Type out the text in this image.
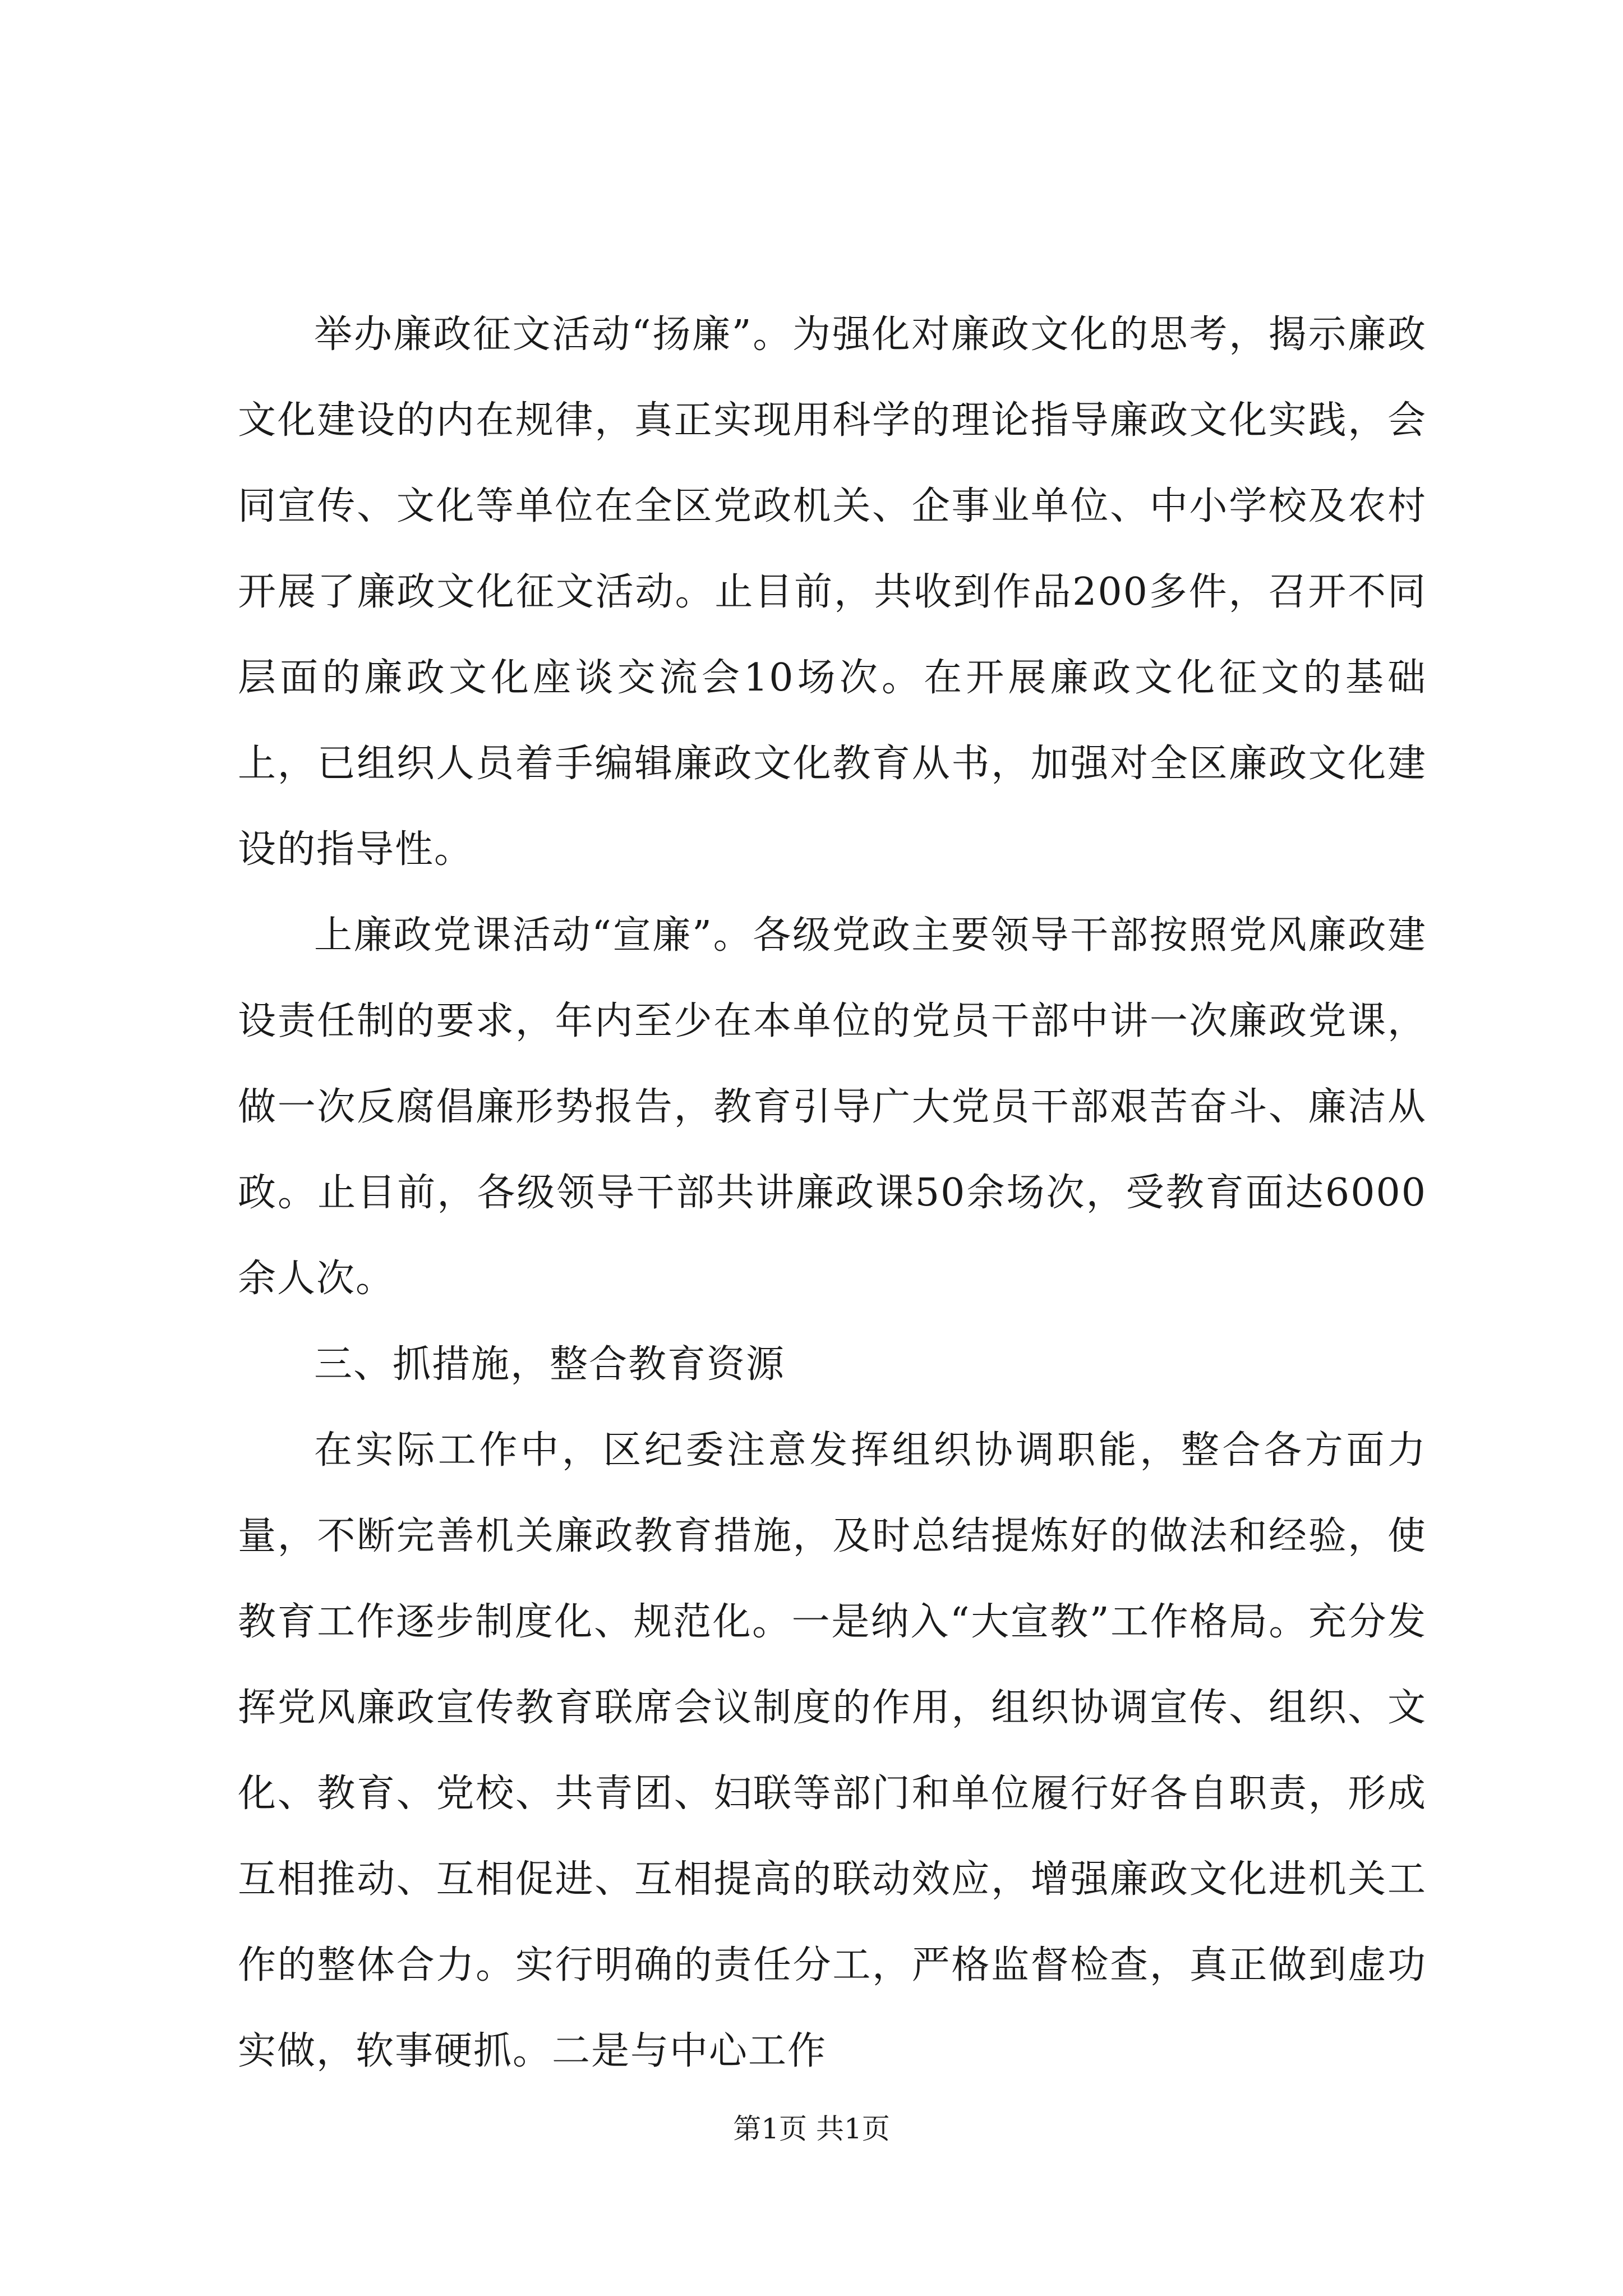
举办廉政征文活动“扬廉”。为强化对廉政文化的思考，揭示廉政文化建设的内在规律，真正实现用科学的理论指导廉政文化实践，会同宣传、文化等单位在全区党政机关、企事业单位、中小学校及农村开展了廉政文化征文活动。止目前，共收到作品200多件，召开不同层面的廉政文化座谈交流会10场次。在开展廉政文化征文的基础上，已组织人员着手编辑廉政文化教育从书，加强对全区廉政文化建设的指导性。

上廉政党课活动“宣廉”。各级党政主要领导干部按照党风廉政建设责任制的要求，年内至少在本单位的党员干部中讲一次廉政党课，做一次反腐倡廉形势报告，教育引导广大党员干部艰苦奋斗、廉洁从政。止目前，各级领导干部共讲廉政课50余场次，受教育面达6000余人次。

三、抓措施，整合教育资源

在实际工作中，区纪委注意发挥组织协调职能，整合各方面力量，不断完善机关廉政教育措施，及时总结提炼好的做法和经验，使教育工作逐步制度化、规范化。一是纳入“大宣教”工作格局。充分发挥党风廉政宣传教育联席会议制度的作用，组织协调宣传、组织、文化、教育、党校、共青团、妇联等部门和单位履行好各自职责，形成互相推动、互相促进、互相提高的联动效应，增强廉政文化进机关工作的整体合力。实行明确的责任分工，严格监督检查，真正做到虚功实做，软事硬抓。二是与中心工作

第1页 共1页
